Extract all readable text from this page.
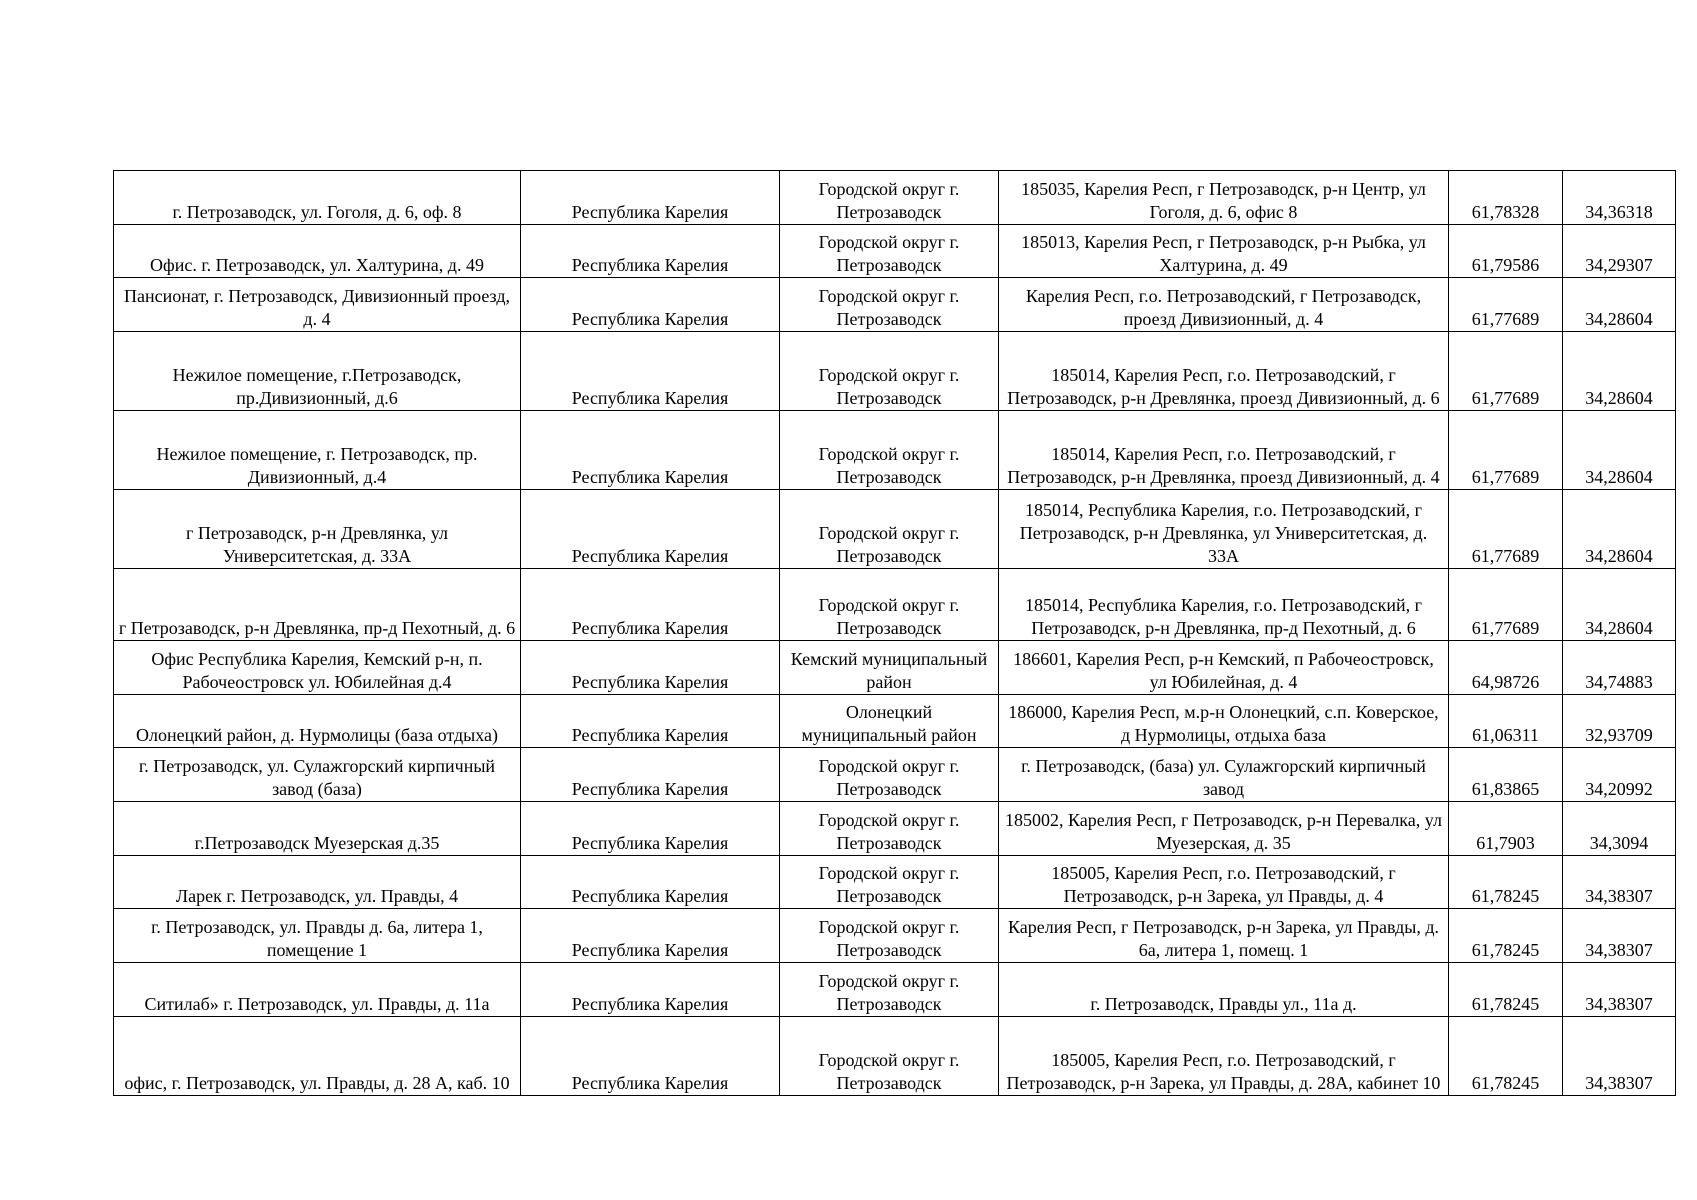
г. Петрозаводск, ул. Гоголя, д. 6, оф. 8	Республика Карелия	Городской округ г. Петрозаводск	185035, Карелия Респ, г Петрозаводск, р-н Центр, ул Гоголя, д. 6, офис 8	61,78328	34,36318
Офис. г. Петрозаводск, ул. Халтурина, д. 49	Республика Карелия	Городской округ г. Петрозаводск	185013, Карелия Респ, г Петрозаводск, р-н Рыбка, ул Халтурина, д. 49	61,79586	34,29307
Пансионат, г. Петрозаводск, Дивизионный проезд, д. 4	Республика Карелия	Городской округ г. Петрозаводск	Карелия Респ, г.о. Петрозаводский, г Петрозаводск, проезд Дивизионный, д. 4	61,77689	34,28604
Нежилое помещение, г.Петрозаводск, пр.Дивизионный, д.6	Республика Карелия	Городской округ г. Петрозаводск	185014, Карелия Респ, г.о. Петрозаводский, г Петрозаводск, р-н Древлянка, проезд Дивизионный, д. 6	61,77689	34,28604
Нежилое помещение, г. Петрозаводск, пр. Дивизионный, д.4	Республика Карелия	Городской округ г. Петрозаводск	185014, Карелия Респ, г.о. Петрозаводский, г Петрозаводск, р-н Древлянка, проезд Дивизионный, д. 4	61,77689	34,28604
г Петрозаводск, р-н Древлянка, ул Университетская, д. 33А	Республика Карелия	Городской округ г. Петрозаводск	185014, Республика Карелия, г.о. Петрозаводский, г Петрозаводск, р-н Древлянка, ул Университетская, д. 33А	61,77689	34,28604
г Петрозаводск, р-н Древлянка, пр-д Пехотный, д. 6	Республика Карелия	Городской округ г. Петрозаводск	185014, Республика Карелия, г.о. Петрозаводский, г Петрозаводск, р-н Древлянка, пр-д Пехотный, д. 6	61,77689	34,28604
Офис Республика Карелия, Кемский р-н, п. Рабочеостровск ул. Юбилейная д.4	Республика Карелия	Кемский муниципальный район	186601, Карелия Респ, р-н Кемский, п Рабочеостровск, ул Юбилейная, д. 4	64,98726	34,74883
Олонецкий район, д. Нурмолицы (база отдыха)	Республика Карелия	Олонецкий муниципальный район	186000, Карелия Респ, м.р-н Олонецкий, с.п. Коверское, д Нурмолицы, отдыха база	61,06311	32,93709
г. Петрозаводск, ул. Сулажгорский кирпичный завод (база)	Республика Карелия	Городской округ г. Петрозаводск	г. Петрозаводск, (база) ул. Сулажгорский кирпичный завод	61,83865	34,20992
г.Петрозаводск Муезерская д.35	Республика Карелия	Городской округ г. Петрозаводск	185002, Карелия Респ, г Петрозаводск, р-н Перевалка, ул Муезерская, д. 35	61,7903	34,3094
Ларек г. Петрозаводск, ул. Правды, 4	Республика Карелия	Городской округ г. Петрозаводск	185005, Карелия Респ, г.о. Петрозаводский, г Петрозаводск, р-н Зарека, ул Правды, д. 4	61,78245	34,38307
г. Петрозаводск, ул. Правды д. 6а, литера 1, помещение 1	Республика Карелия	Городской округ г. Петрозаводск	Карелия Респ, г Петрозаводск, р-н Зарека, ул Правды, д. 6а, литера 1, помещ. 1	61,78245	34,38307
Ситилаб» г. Петрозаводск, ул. Правды, д. 11а	Республика Карелия	Городской округ г. Петрозаводск	г. Петрозаводск, Правды ул., 11а д.	61,78245	34,38307
офис, г. Петрозаводск, ул. Правды, д. 28 А, каб. 10	Республика Карелия	Городской округ г. Петрозаводск	185005, Карелия Респ, г.о. Петрозаводский, г Петрозаводск, р-н Зарека, ул Правды, д. 28А, кабинет 10	61,78245	34,38307
